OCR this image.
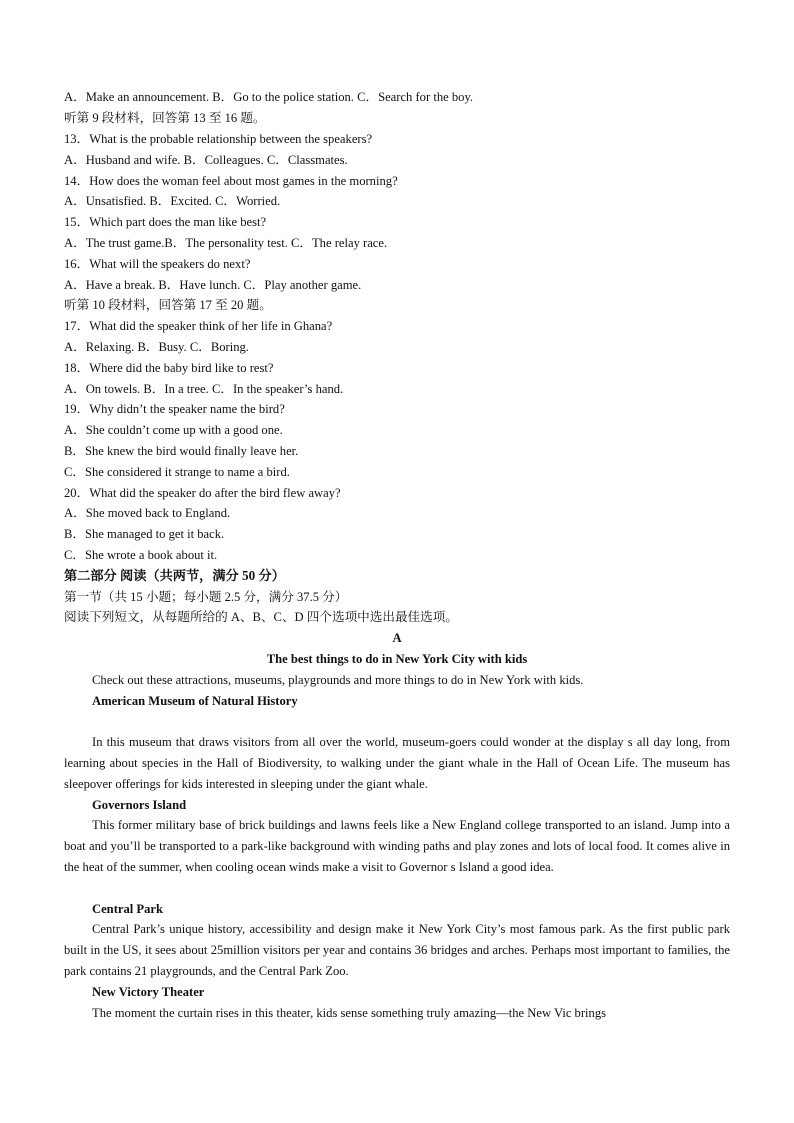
A．Make an announcement. B．Go to the police station. C．Search for the boy.
听第 9 段材料，回答第 13 至 16 题。
13．What is the probable relationship between the speakers?
A．Husband and wife. B．Colleagues. C．Classmates.
14．How does the woman feel about most games in the morning?
A．Unsatisfied. B．Excited. C．Worried.
15．Which part does the man like best?
A．The trust game.B．The personality test. C．The relay race.
16．What will the speakers do next?
A．Have a break. B．Have lunch. C．Play another game.
听第 10 段材料，回答第 17 至 20 题。
17．What did the speaker think of her life in Ghana?
A．Relaxing. B．Busy. C．Boring.
18．Where did the baby bird like to rest?
A．On towels. B．In a tree. C．In the speaker’s hand.
19．Why didn’t the speaker name the bird?
A．She couldn’t come up with a good one.
B．She knew the bird would finally leave her.
C．She considered it strange to name a bird.
20．What did the speaker do after the bird flew away?
A．She moved back to England.
B．She managed to get it back.
C．She wrote a book about it.
第二部分 阅读（共两节，满分 50 分）
第一节（共 15 小题；每小题 2.5 分，满分 37.5 分）
阅读下列短文，从每题所给的 A、B、C、D 四个选项中选出最佳选项。
A
The best things to do in New York City with kids
Check out these attractions, museums, playgrounds and more things to do in New York with kids.
American Museum of Natural History
In this museum that draws visitors from all over the world, museum-goers could wonder at the display s all day long, from learning about species in the Hall of Biodiversity, to walking under the giant whale in the Hall of Ocean Life. The museum has sleepover offerings for kids interested in sleeping under the giant whale.
Governors Island
This former military base of brick buildings and lawns feels like a New England college transported to an island. Jump into a boat and you’ll be transported to a park-like background with winding paths and play zones and lots of local food. It comes alive in the heat of the summer, when cooling ocean winds make a visit to Governor s Island a good idea.
Central Park
Central Park’s unique history, accessibility and design make it New York City’s most famous park. As the first public park built in the US, it sees about 25million visitors per year and contains 36 bridges and arches. Perhaps most important to families, the park contains 21 playgrounds, and the Central Park Zoo.
New Victory Theater
The moment the curtain rises in this theater, kids sense something truly amazing—the New Vic brings
